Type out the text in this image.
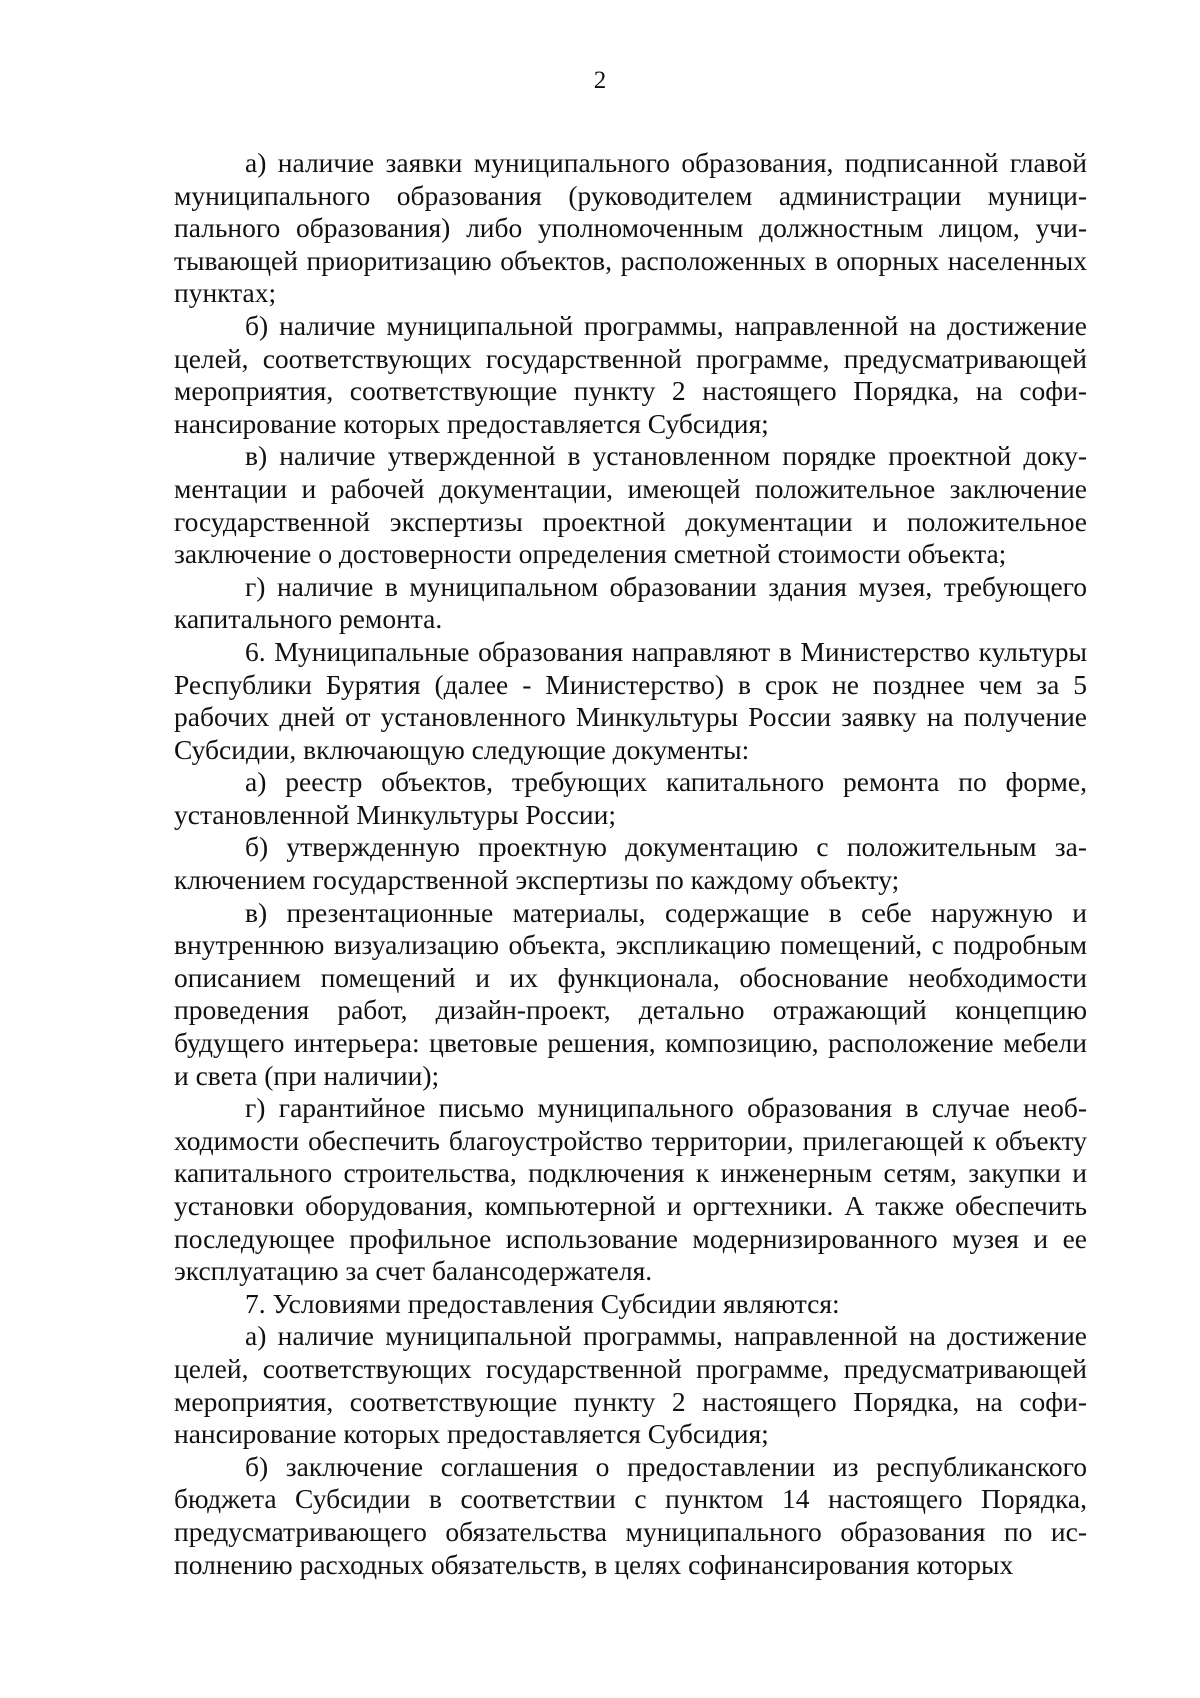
2

а) наличие заявки муниципального образования, подписанной главой муниципального образования (руководителем администрации муниципального образования) либо уполномоченным должностным лицом, учитывающей приоритизацию объектов, расположенных в опорных населенных пунктах;

б) наличие муниципальной программы, направленной на достижение целей, соответствующих государственной программе, предусматривающей мероприятия, соответствующие пункту 2 настоящего Порядка, на софинансирование которых предоставляется Субсидия;

в) наличие утвержденной в установленном порядке проектной документации и рабочей документации, имеющей положительное заключение государственной экспертизы проектной документации и положительное заключение о достоверности определения сметной стоимости объекта;

г) наличие в муниципальном образовании здания музея, требующего капитального ремонта.

6. Муниципальные образования направляют в Министерство культуры Республики Бурятия (далее - Министерство) в срок не позднее чем за 5 рабочих дней от установленного Минкультуры России заявку на получение Субсидии, включающую следующие документы:

а) реестр объектов, требующих капитального ремонта по форме, установленной Минкультуры России;

б) утвержденную проектную документацию с положительным заключением государственной экспертизы по каждому объекту;

в) презентационные материалы, содержащие в себе наружную и внутреннюю визуализацию объекта, экспликацию помещений, с подробным описанием помещений и их функционала, обоснование необходимости проведения работ, дизайн-проект, детально отражающий концепцию будущего интерьера: цветовые решения, композицию, расположение мебели и света (при наличии);

г) гарантийное письмо муниципального образования в случае необходимости обеспечить благоустройство территории, прилегающей к объекту капитального строительства, подключения к инженерным сетям, закупки и установки оборудования, компьютерной и оргтехники. А также обеспечить последующее профильное использование модернизированного музея и ее эксплуатацию за счет балансодержателя.

7. Условиями предоставления Субсидии являются:

а) наличие муниципальной программы, направленной на достижение целей, соответствующих государственной программе, предусматривающей мероприятия, соответствующие пункту 2 настоящего Порядка, на софинансирование которых предоставляется Субсидия;

б) заключение соглашения о предоставлении из республиканского бюджета Субсидии в соответствии с пунктом 14 настоящего Порядка, предусматривающего обязательства муниципального образования по исполнению расходных обязательств, в целях софинансирования которых
